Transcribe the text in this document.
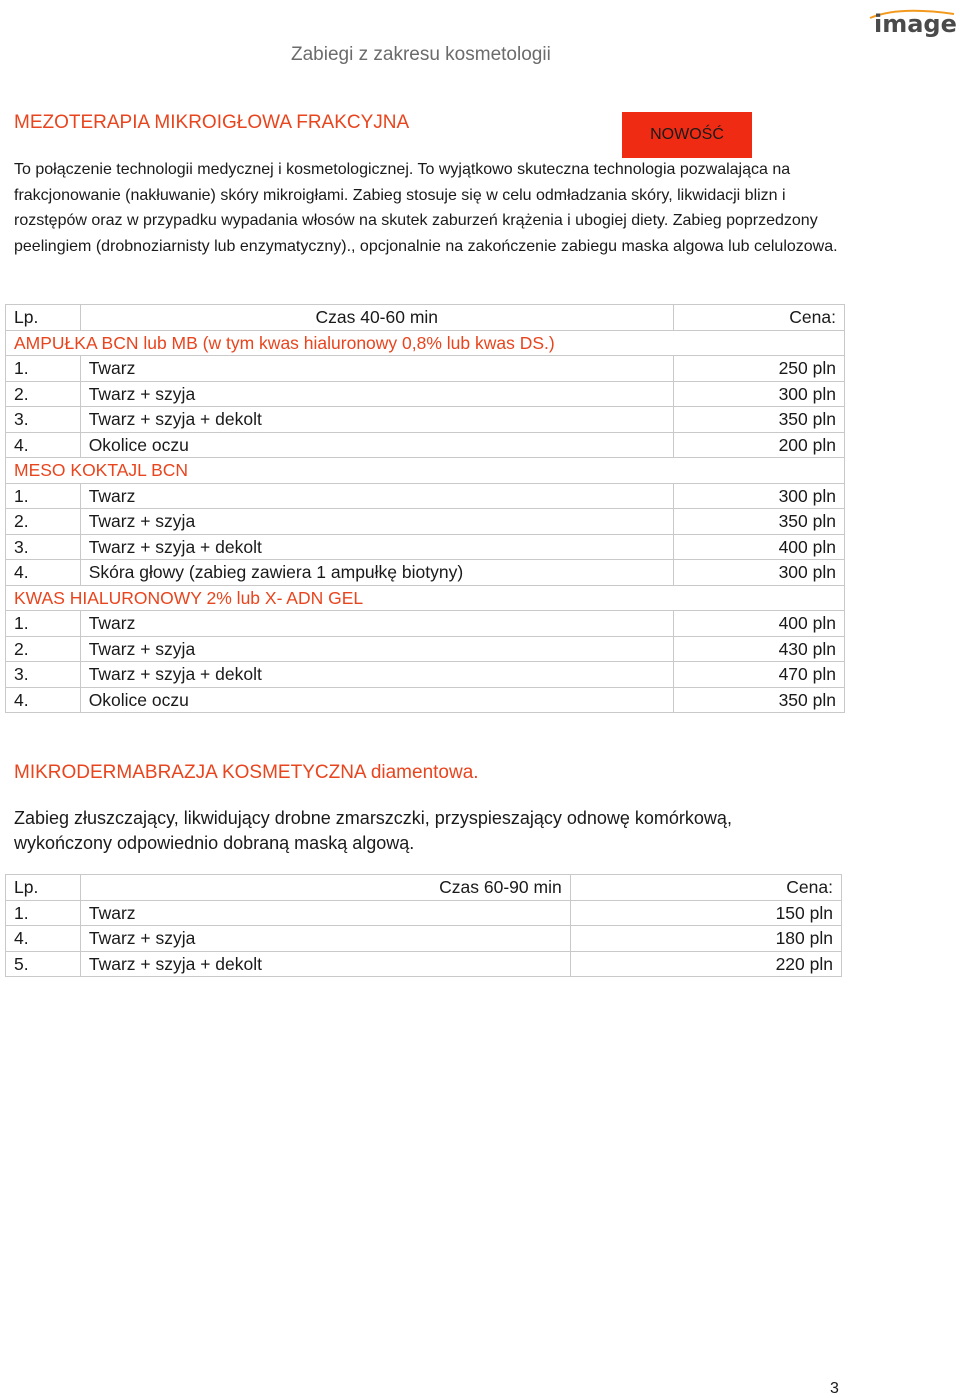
image
Zabiegi z zakresu kosmetologii
MEZOTERAPIA MIKROIGŁOWA FRAKCYJNA
NOWOŚĆ
To połączenie technologii medycznej i kosmetologicznej. To wyjątkowo skuteczna technologia pozwalająca na frakcjonowanie (nakłuwanie) skóry mikroigłami. Zabieg stosuje się w celu odmładzania skóry, likwidacji blizn i rozstępów oraz w przypadku wypadania włosów na skutek zaburzeń krążenia i ubogiej diety. Zabieg poprzedzony peelingiem (drobnoziarnisty lub enzymatyczny)., opcjonalnie na zakończenie zabiegu maska algowa lub celulozowa.
Lp.	Czas 40-60 min	Cena:
AMPUŁKA BCN lub MB (w tym kwas hialuronowy 0,8% lub kwas DS.)		
1.	Twarz	250 pln
2.	Twarz + szyja	300 pln
3.	Twarz + szyja + dekolt	350 pln
4.	Okolice oczu	200 pln
MESO KOKTAJL BCN		
1.	Twarz	300 pln
2.	Twarz + szyja	350 pln
3.	Twarz + szyja + dekolt	400 pln
4.	Skóra głowy (zabieg zawiera 1 ampułkę biotyny)	300 pln
KWAS HIALURONOWY 2% lub X- ADN GEL		
1.	Twarz	400 pln
2.	Twarz + szyja	430 pln
3.	Twarz + szyja + dekolt	470 pln
4.	Okolice oczu	350 pln
MIKRODERMABRAZJA KOSMETYCZNA diamentowa.
Zabieg złuszczający, likwidujący drobne zmarszczki, przyspieszający odnowę komórkową, wykończony odpowiednio dobraną maską algową.
Lp.	Czas 60-90 min	Cena:
1.	Twarz	150 pln
4.	Twarz + szyja	180 pln
5.	Twarz + szyja + dekolt	220 pln
3
